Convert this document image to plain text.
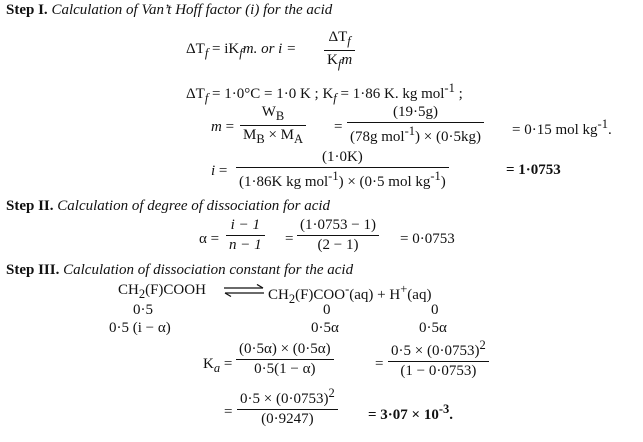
Step I. Calculation of Van’t Hoff factor (i) for the acid
$\Delta T_f = iK_fm$. or i =
$\Delta T_f$
$K_fm$
$\Delta T_f = 1\cdot 0^\circ C = 1\cdot 0$ K ; $K_f = 1\cdot 86$ K. kg mol$^{-1}$ ;
m =
$W_B$
$M_B \times M_A$
=
(19·5g)
(78g mol$^{-1}$) × (0·5kg) = 0·15 mol $kg^{-1}$.
i =
(1·0K)
(1·86K kg mol$^{-1}$) × (0·5 mol $kg^{-1}$)
= 1·0753
Step II. Calculation of degree of dissociation for acid
α =
i − 1
n − 1 =
(1·0753 − 1)
(2 − 1)	= 0·0753
Step III. Calculation of dissociation constant for the acid
$CH_2(F)COOH$ ⇌ $CH_2(F)COO^-(aq) + H^+(aq)$
0·5	0	0
0·5 (i − α)	0·5α	0·5α
$K_a$ =
(0·5α) × (0·5α)
0·5(1 − α)	=
$0\cdot 5 \times (0\cdot 0753)^2$
(1 − 0·0753)
=
$0\cdot 5 \times (0\cdot 0753)^2$
(0·9247)	= $3\cdot 07 \times 10^{-3}$.
